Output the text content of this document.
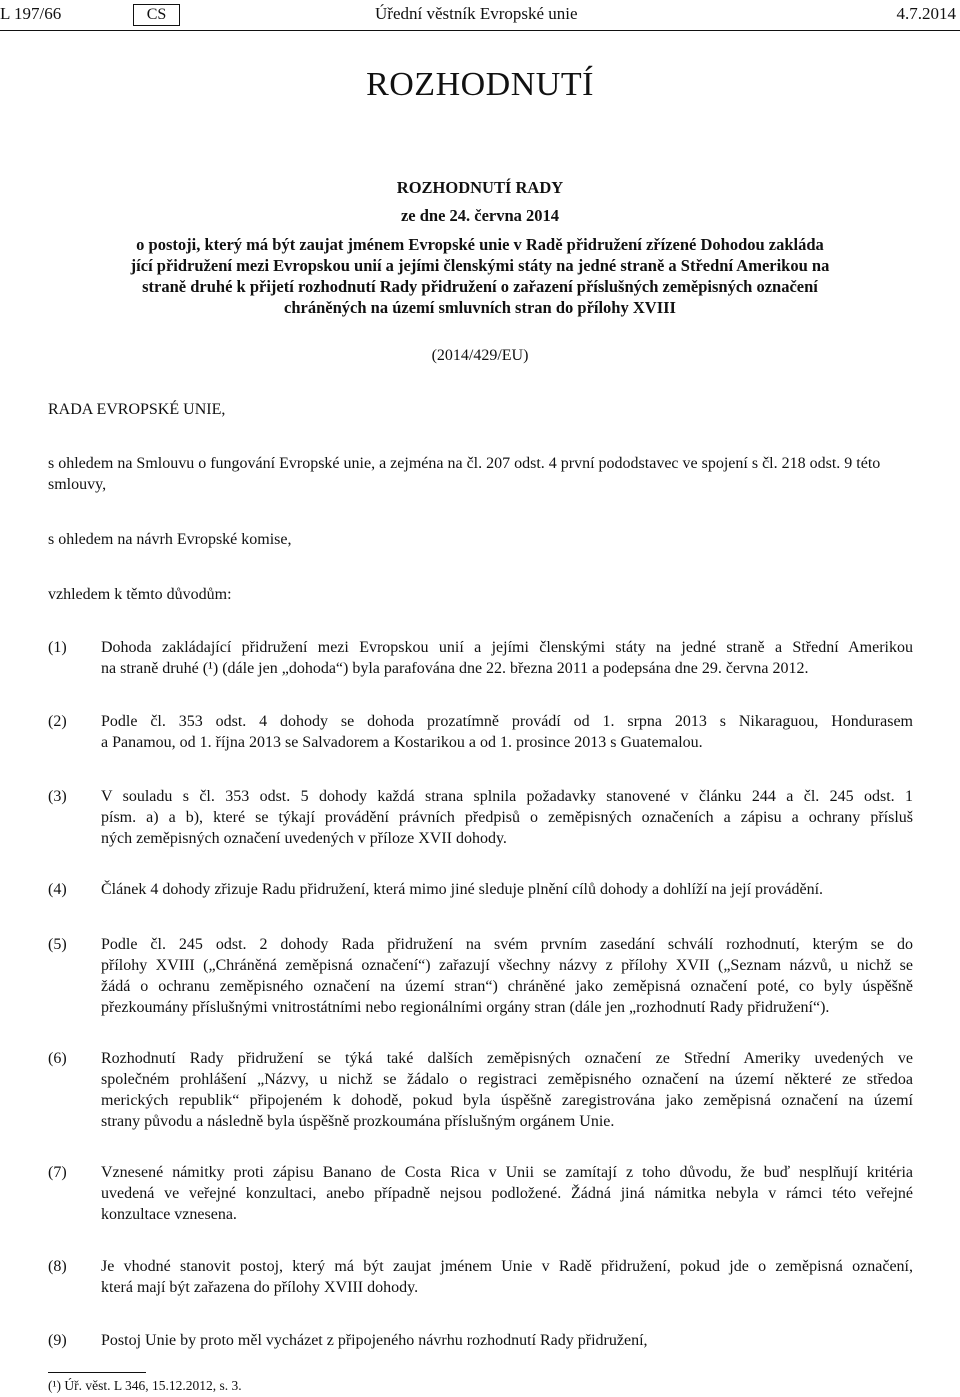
L 197/66	CS	Úřední věstník Evropské unie	4.7.2014
ROZHODNUTÍ
ROZHODNUTÍ RADY
ze dne 24. června 2014
o postoji, který má být zaujat jménem Evropské unie v Radě přidružení zřízené Dohodou zakláda
jící přidružení mezi Evropskou unií a jejími členskými státy na jedné straně a Střední Amerikou na
straně druhé k přijetí rozhodnutí Rady přidružení o zařazení příslušných zeměpisných označení
chráněných na území smluvních stran do přílohy XVIII
(2014/429/EU)
RADA EVROPSKÉ UNIE,
s ohledem na Smlouvu o fungování Evropské unie, a zejména na čl. 207 odst. 4 první pododstavec ve spojení s čl. 218 odst. 9 této smlouvy,
s ohledem na návrh Evropské komise,
vzhledem k těmto důvodům:
(1) Dohoda zakládající přidružení mezi Evropskou unií a jejími členskými státy na jedné straně a Střední Amerikou
na straně druhé (¹) (dále jen „dohoda“) byla parafována dne 22. března 2011 a podepsána dne 29. června 2012.
(2) Podle čl. 353 odst. 4 dohody se dohoda prozatímně provádí od 1. srpna 2013 s Nikaraguou, Hondurasem
a Panamou, od 1. října 2013 se Salvadorem a Kostarikou a od 1. prosince 2013 s Guatemalou.
(3) V souladu s čl. 353 odst. 5 dohody každá strana splnila požadavky stanovené v článku 244 a čl. 245 odst. 1
písm. a) a b), které se týkají provádění právních předpisů o zeměpisných označeních a zápisu a ochrany přísluš
ných zeměpisných označení uvedených v příloze XVII dohody.
(4) Článek 4 dohody zřizuje Radu přidružení, která mimo jiné sleduje plnění cílů dohody a dohlíží na její provádění.
(5) Podle čl. 245 odst. 2 dohody Rada přidružení na svém prvním zasedání schválí rozhodnutí, kterým se do
přílohy XVIII („Chráněná zeměpisná označení“) zařazují všechny názvy z přílohy XVII („Seznam názvů, u nichž se
žádá o ochranu zeměpisného označení na území stran“) chráněné jako zeměpisná označení poté, co byly úspěšně
přezkoumány příslušnými vnitrostátními nebo regionálními orgány stran (dále jen „rozhodnutí Rady přidružení“).
(6) Rozhodnutí Rady přidružení se týká také dalších zeměpisných označení ze Střední Ameriky uvedených ve
společném prohlášení „Názvy, u nichž se žádalo o registraci zeměpisného označení na území některé ze středoa
merických republik“ připojeném k dohodě, pokud byla úspěšně zaregistrována jako zeměpisná označení na území
strany původu a následně byla úspěšně prozkoumána příslušným orgánem Unie.
(7) Vznesené námitky proti zápisu Banano de Costa Rica v Unii se zamítají z toho důvodu, že buď nesplňují kritéria
uvedená ve veřejné konzultaci, anebo případně nejsou podložené. Žádná jiná námitka nebyla v rámci této veřejné
konzultace vznesena.
(8) Je vhodné stanovit postoj, který má být zaujat jménem Unie v Radě přidružení, pokud jde o zeměpisná označení,
která mají být zařazena do přílohy XVIII dohody.
(9) Postoj Unie by proto měl vycházet z připojeného návrhu rozhodnutí Rady přidružení,
(¹) Úř. věst. L 346, 15.12.2012, s. 3.
